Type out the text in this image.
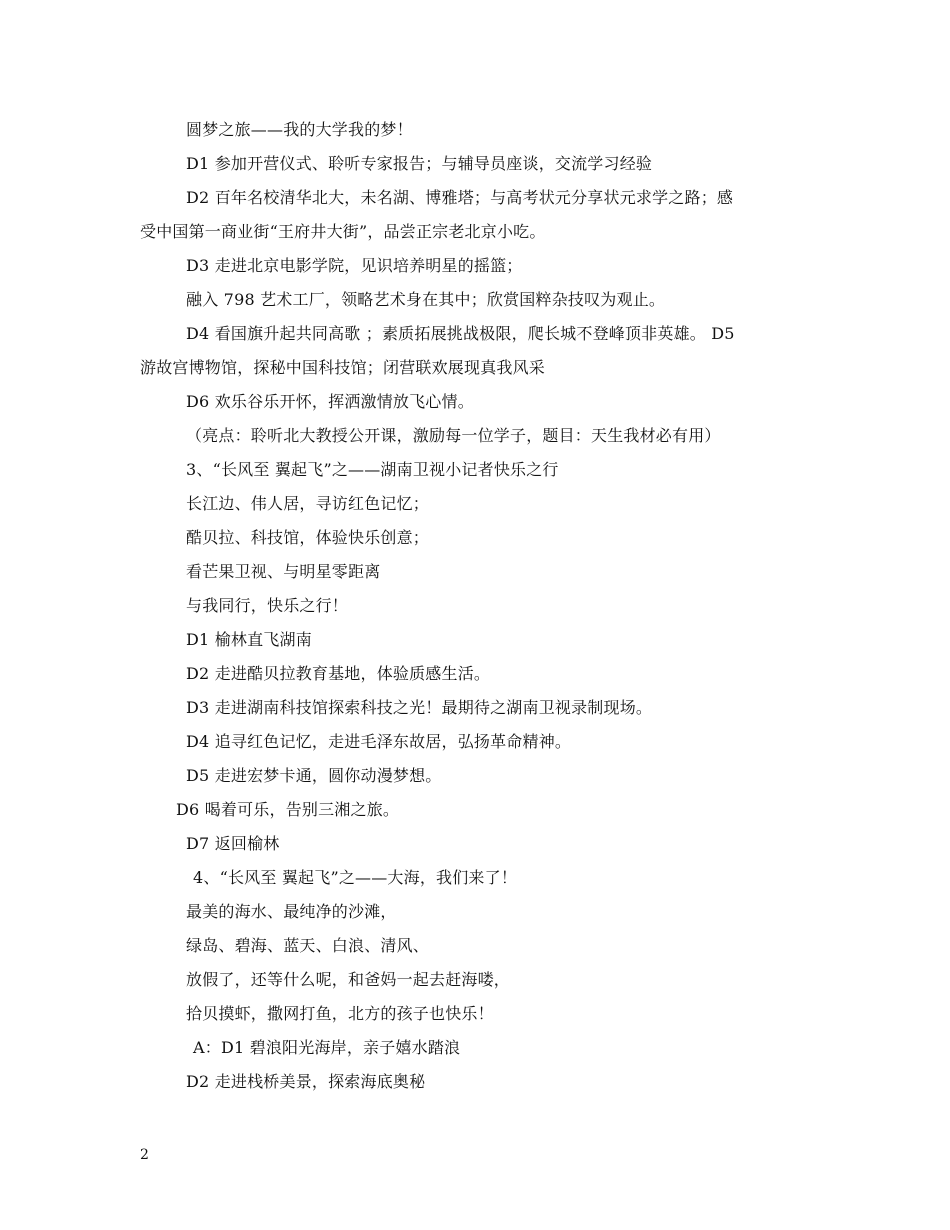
圆梦之旅——我的大学我的梦！
D1 参加开营仪式、聆听专家报告；与辅导员座谈，交流学习经验
D2 百年名校清华北大，未名湖、博雅塔；与高考状元分享状元求学之路；感
受中国第一商业街“王府井大街”，品尝正宗老北京小吃。
D3 走进北京电影学院，见识培养明星的摇篮；
融入 798 艺术工厂，领略艺术身在其中；欣赏国粹杂技叹为观止。
D4 看国旗升起共同高歌 ；素质拓展挑战极限，爬长城不登峰顶非英雄。 D5
游故宫博物馆，探秘中国科技馆；闭营联欢展现真我风采
D6 欢乐谷乐开怀，挥洒激情放飞心情。
（亮点：聆听北大教授公开课，激励每一位学子，题目：天生我材必有用）
3、“长风至 翼起飞”之——湖南卫视小记者快乐之行
长江边、伟人居，寻访红色记忆；
酷贝拉、科技馆，体验快乐创意；
看芒果卫视、与明星零距离
与我同行，快乐之行！
D1 榆林直飞湖南
D2 走进酷贝拉教育基地，体验质感生活。
D3 走进湖南科技馆探索科技之光！最期待之湖南卫视录制现场。
D4 追寻红色记忆，走进毛泽东故居，弘扬革命精神。
D5 走进宏梦卡通，圆你动漫梦想。
D6 喝着可乐，告别三湘之旅。
D7 返回榆林
4、“长风至 翼起飞”之——大海，我们来了！
最美的海水、最纯净的沙滩，
绿岛、碧海、蓝天、白浪、清风、
放假了，还等什么呢，和爸妈一起去赶海喽，
拾贝摸虾，撒网打鱼，北方的孩子也快乐！
A：D1 碧浪阳光海岸，亲子嬉水踏浪
D2 走进栈桥美景，探索海底奥秘
2
